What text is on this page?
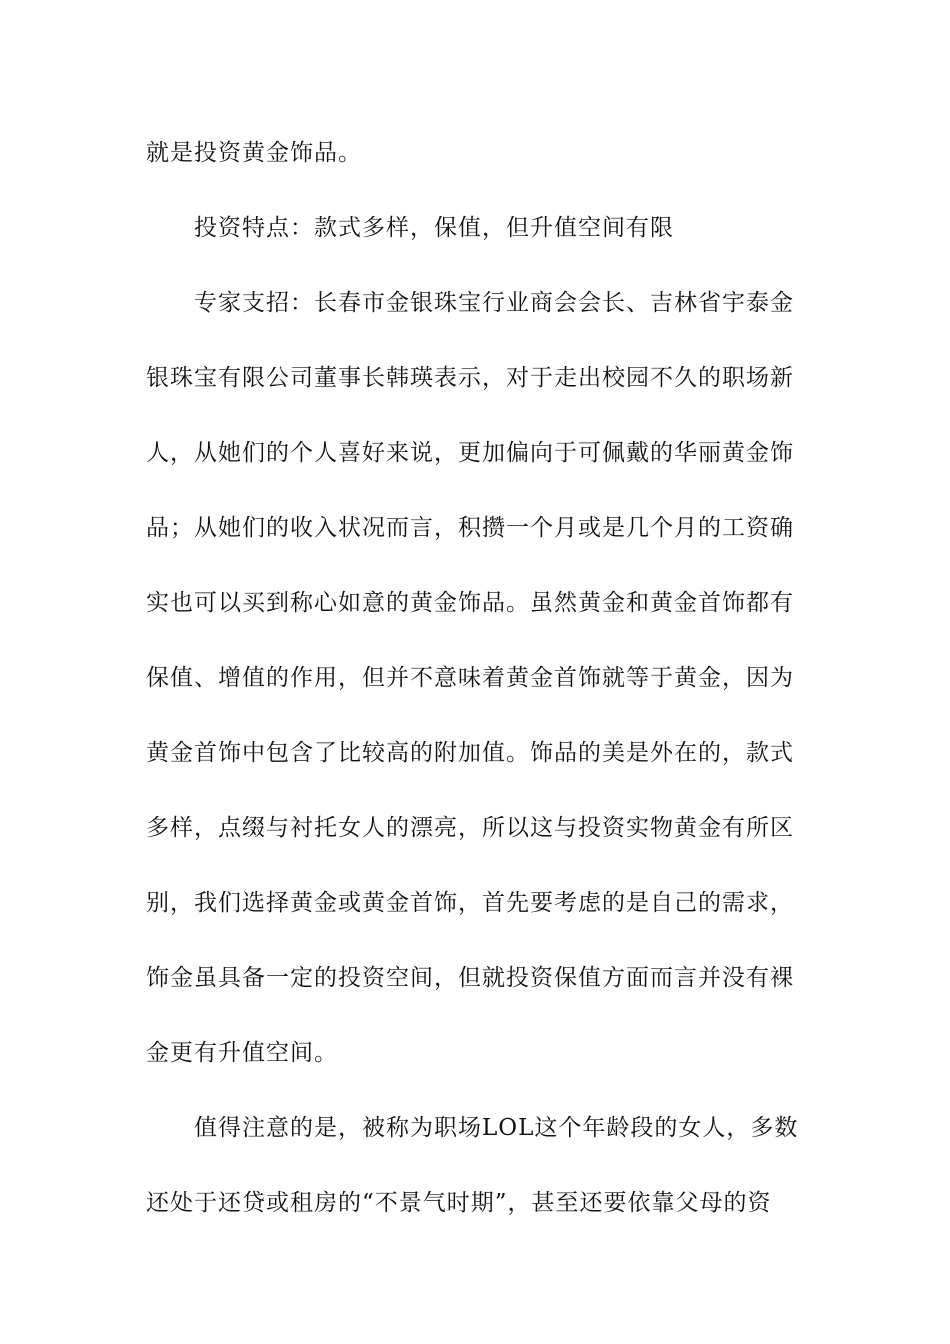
就是投资黄金饰品。
投资特点：款式多样，保值，但升值空间有限
专家支招：长春市金银珠宝行业商会会长、吉林省宇泰金
银珠宝有限公司董事长韩瑛表示，对于走出校园不久的职场新
人，从她们的个人喜好来说，更加偏向于可佩戴的华丽黄金饰
品；从她们的收入状况而言，积攒一个月或是几个月的工资确
实也可以买到称心如意的黄金饰品。虽然黄金和黄金首饰都有
保值、增值的作用，但并不意味着黄金首饰就等于黄金，因为
黄金首饰中包含了比较高的附加值。饰品的美是外在的，款式
多样，点缀与衬托女人的漂亮，所以这与投资实物黄金有所区
别，我们选择黄金或黄金首饰，首先要考虑的是自己的需求，
饰金虽具备一定的投资空间，但就投资保值方面而言并没有裸
金更有升值空间。
值得注意的是，被称为职场LOL这个年龄段的女人，多数
还处于还贷或租房的“不景气时期”，甚至还要依靠父母的资
